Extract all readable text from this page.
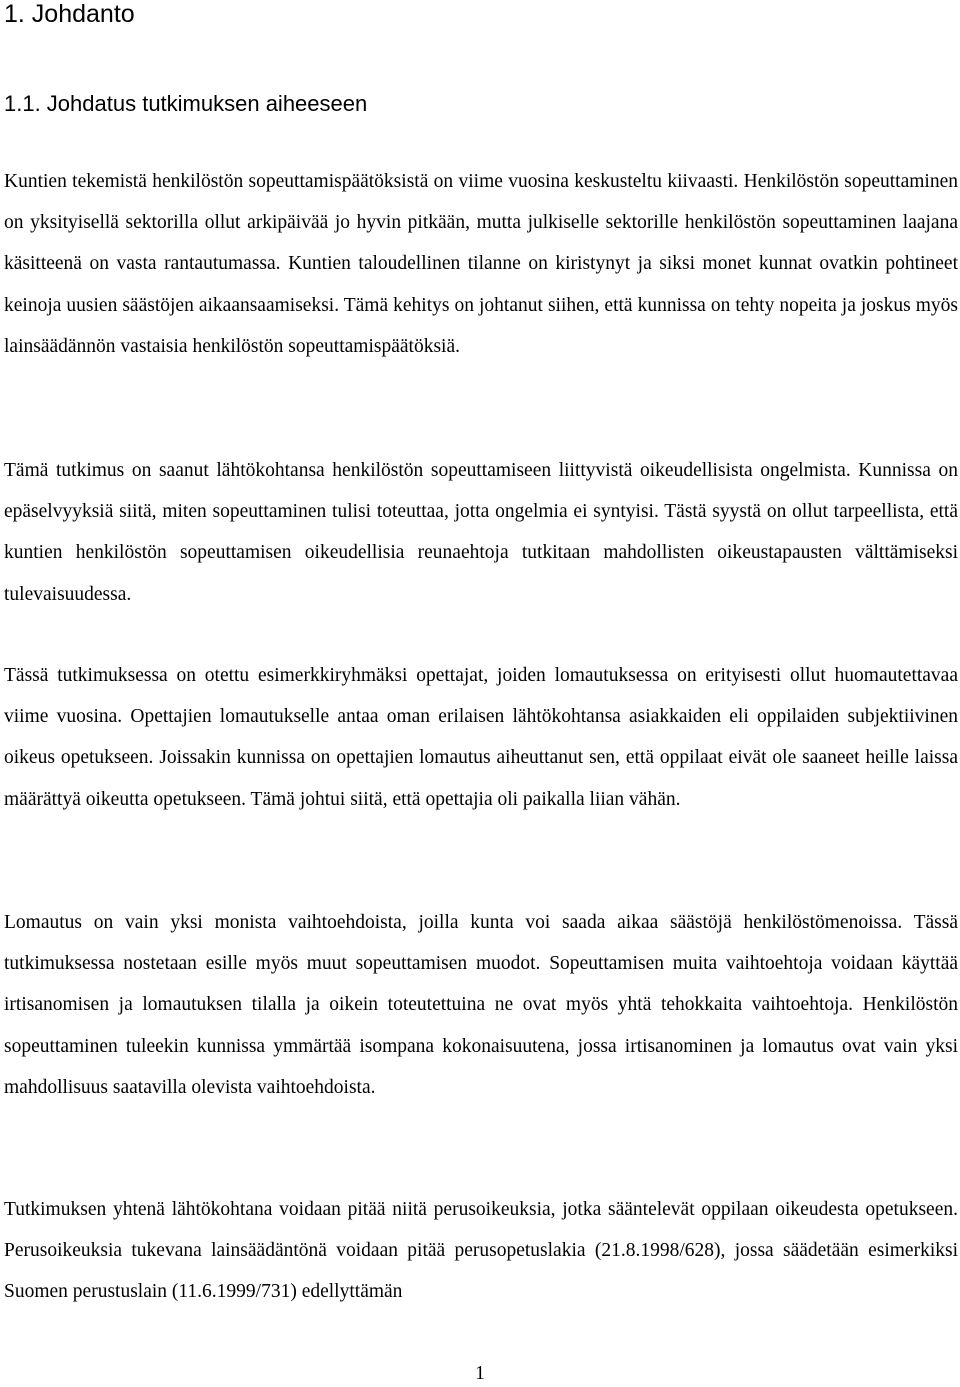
1. Johdanto
1.1. Johdatus tutkimuksen aiheeseen

Kuntien tekemistä henkilöstön sopeuttamispäätöksistä on viime vuosina keskusteltu kiivaasti. Henkilöstön sopeuttaminen on yksityisellä sektorilla ollut arkipäivää jo hyvin pitkään, mutta julkiselle sektorille henkilöstön sopeuttaminen laajana käsitteenä on vasta rantautumassa. Kuntien taloudellinen tilanne on kiristynyt ja siksi monet kunnat ovatkin pohtineet keinoja uusien säästöjen aikaansaamiseksi. Tämä kehitys on johtanut siihen, että kunnissa on tehty nopeita ja joskus myös lainsäädännön vastaisia henkilöstön sopeuttamispäätöksiä.

Tämä tutkimus on saanut lähtökohtansa henkilöstön sopeuttamiseen liittyvistä oikeudellisista ongelmista. Kunnissa on epäselvyyksiä siitä, miten sopeuttaminen tulisi toteuttaa, jotta ongelmia ei syntyisi. Tästä syystä on ollut tarpeellista, että kuntien henkilöstön sopeuttamisen oikeudellisia reunaehtoja tutkitaan mahdollisten oikeustapausten välttämiseksi tulevaisuudessa.

Tässä tutkimuksessa on otettu esimerkkiryhmäksi opettajat, joiden lomautuksessa on erityisesti ollut huomautettavaa viime vuosina. Opettajien lomautukselle antaa oman erilaisen lähtökohtansa asiakkaiden eli oppilaiden subjektiivinen oikeus opetukseen. Joissakin kunnissa on opettajien lomautus aiheuttanut sen, että oppilaat eivät ole saaneet heille laissa määrättyä oikeutta opetukseen. Tämä johtui siitä, että opettajia oli paikalla liian vähän.

Lomautus on vain yksi monista vaihtoehdoista, joilla kunta voi saada aikaa säästöjä henkilöstömenoissa. Tässä tutkimuksessa nostetaan esille myös muut sopeuttamisen muodot. Sopeuttamisen muita vaihtoehtoja voidaan käyttää irtisanomisen ja lomautuksen tilalla ja oikein toteutettuina ne ovat myös yhtä tehokkaita vaihtoehtoja. Henkilöstön sopeuttaminen tuleekin kunnissa ymmärtää isompana kokonaisuutena, jossa irtisanominen ja lomautus ovat vain yksi mahdollisuus saatavilla olevista vaihtoehdoista.

Tutkimuksen yhtenä lähtökohtana voidaan pitää niitä perusoikeuksia, jotka sääntelevät oppilaan oikeudesta opetukseen. Perusoikeuksia tukevana lainsäädäntönä voidaan pitää perusopetuslakia (21.8.1998/628), jossa säädetään esimerkiksi Suomen perustuslain (11.6.1999/731) edellyttämän

1
